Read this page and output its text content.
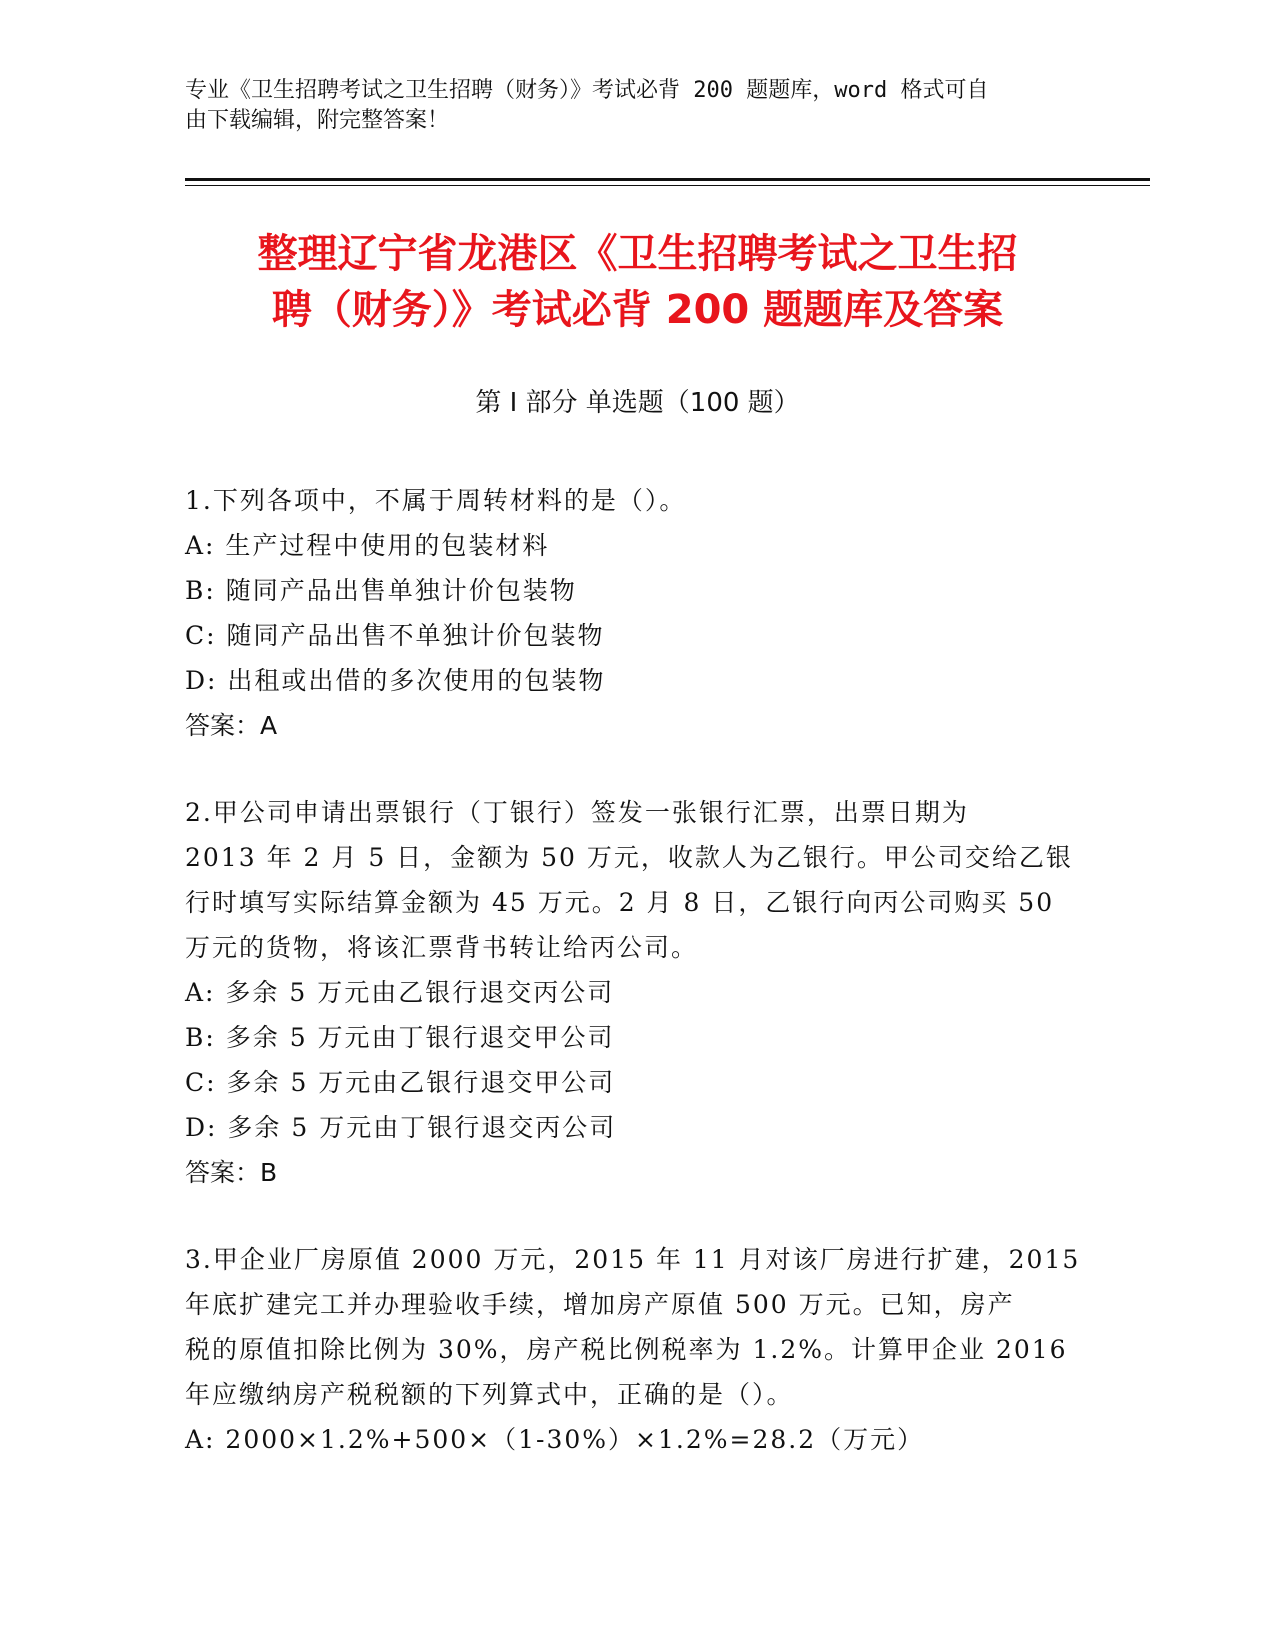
专业《卫生招聘考试之卫生招聘（财务）》考试必背 200 题题库，word 格式可自
由下载编辑，附完整答案！
整理辽宁省龙港区《卫生招聘考试之卫生招
聘（财务）》考试必背 200 题题库及答案
第 I 部分 单选题（100 题）
1.下列各项中，不属于周转材料的是（）。
A: 生产过程中使用的包装材料
B: 随同产品出售单独计价包装物
C: 随同产品出售不单独计价包装物
D: 出租或出借的多次使用的包装物
答案：A
2.甲公司申请出票银行（丁银行）签发一张银行汇票，出票日期为
2013 年 2 月 5 日，金额为 50 万元，收款人为乙银行。甲公司交给乙银
行时填写实际结算金额为 45 万元。2 月 8 日，乙银行向丙公司购买 50
万元的货物，将该汇票背书转让给丙公司。
A: 多余 5 万元由乙银行退交丙公司
B: 多余 5 万元由丁银行退交甲公司
C: 多余 5 万元由乙银行退交甲公司
D: 多余 5 万元由丁银行退交丙公司
答案：B
3.甲企业厂房原值 2000 万元，2015 年 11 月对该厂房进行扩建，2015
年底扩建完工并办理验收手续，增加房产原值 500 万元。已知，房产
税的原值扣除比例为 30%，房产税比例税率为 1.2%。计算甲企业 2016
年应缴纳房产税税额的下列算式中，正确的是（）。
A: 2000×1.2%+500×（1-30%）×1.2%=28.2（万元）
